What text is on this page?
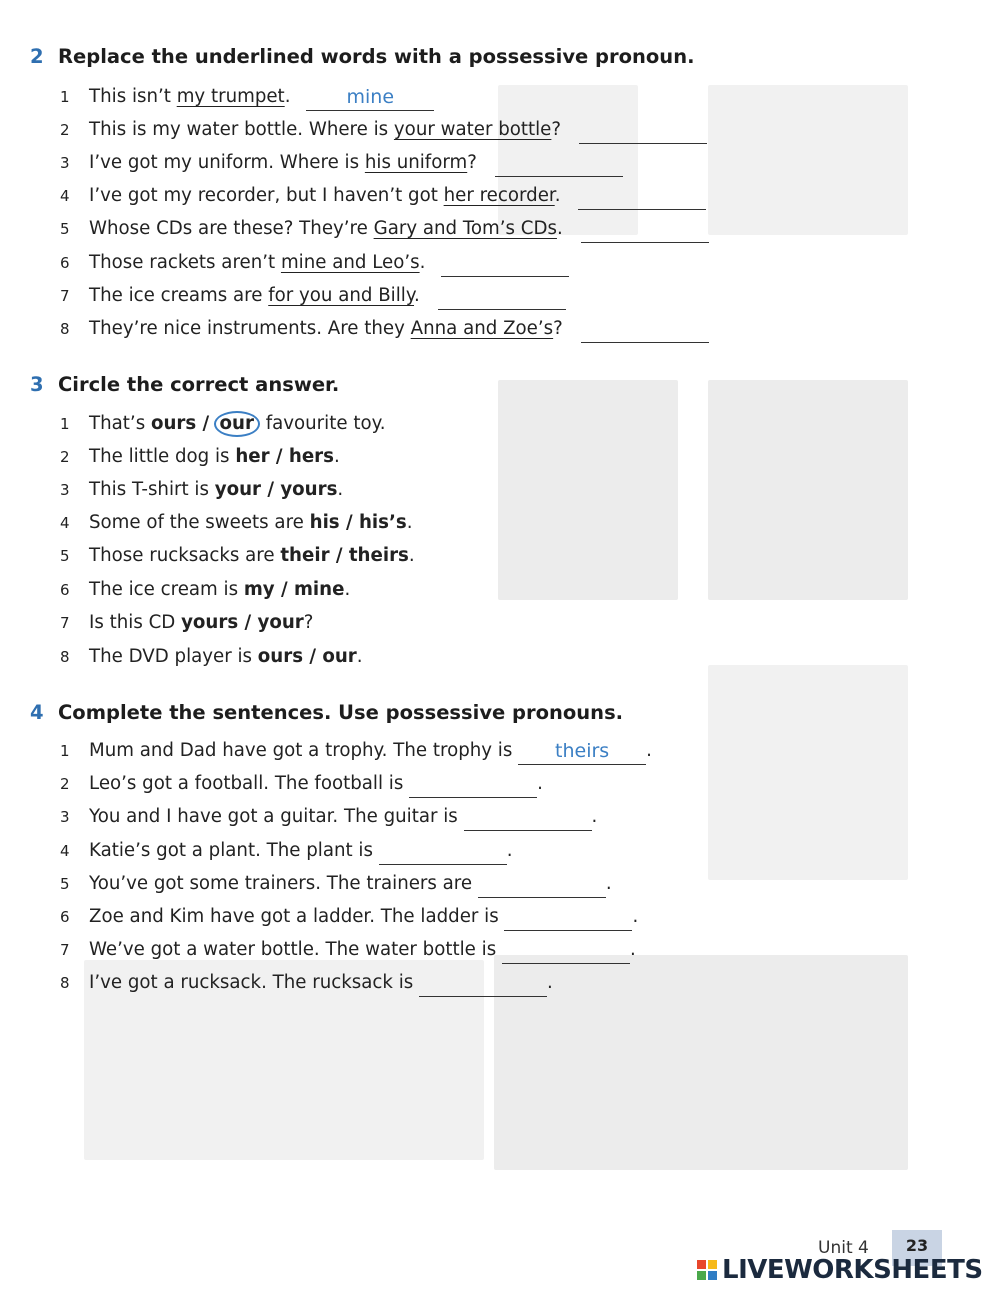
2 Replace the underlined words with a possessive pronoun.
1 This isn’t my trumpet.	mine
2 This is my water bottle. Where is your water bottle?
3 I’ve got my uniform. Where is his uniform?
4 I’ve got my recorder, but I haven’t got her recorder.
5 Whose CDs are these? They’re Gary and Tom’s CDs.
6 Those rackets aren’t mine and Leo’s.
7 The ice creams are for you and Billy.
8 They’re nice instruments. Are they Anna and Zoe’s?
3 Circle the correct answer.
1 That’s ours / our favourite toy.
2 The little dog is her / hers.
3 This T-shirt is your / yours.
4 Some of the sweets are his / his’s.
5 Those rucksacks are their / theirs.
6 The ice cream is my / mine.
7 Is this CD yours / your?
8 The DVD player is ours / our.
4 Complete the sentences. Use possessive pronouns.
1 Mum and Dad have got a trophy. The trophy is	theirs	.
2 Leo’s got a football. The football is	.
3 You and I have got a guitar. The guitar is	.
4 Katie’s got a plant. The plant is	.
5 You’ve got some trainers. The trainers are	.
6 Zoe and Kim have got a ladder. The ladder is	.
7 We’ve got a water bottle. The water bottle is	.
8 I’ve got a rucksack. The rucksack is	.
Unit 4	23
LIVEWORKSHEETS
